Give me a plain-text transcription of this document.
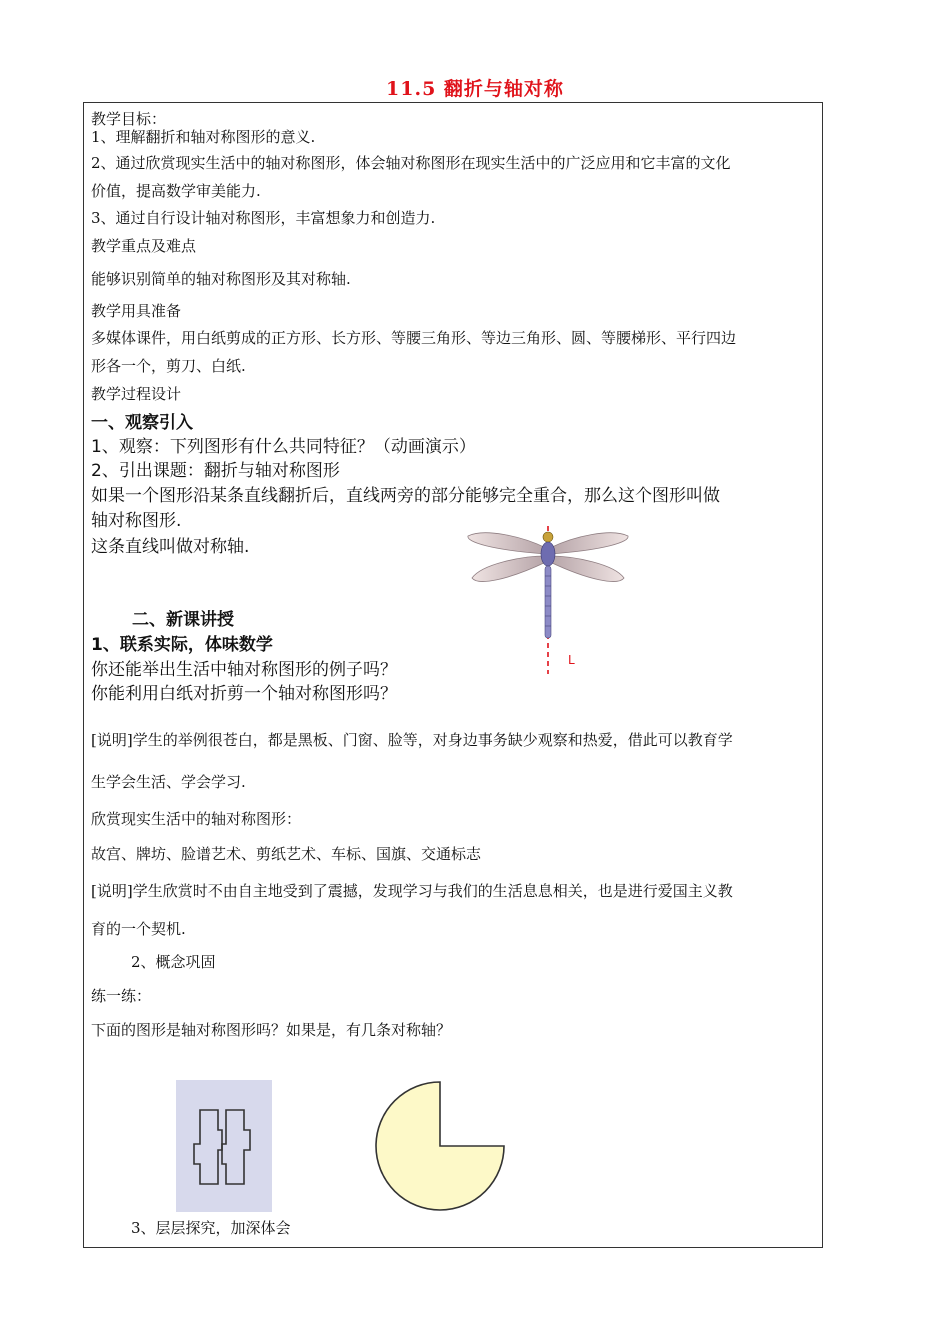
11.5 翻折与轴对称
教学目标：
1、理解翻折和轴对称图形的意义.
2、通过欣赏现实生活中的轴对称图形，体会轴对称图形在现实生活中的广泛应用和它丰富的文化
价值，提高数学审美能力.
3、通过自行设计轴对称图形，丰富想象力和创造力.
教学重点及难点
能够识别简单的轴对称图形及其对称轴.
教学用具准备
多媒体课件，用白纸剪成的正方形、长方形、等腰三角形、等边三角形、圆、等腰梯形、平行四边
形各一个，剪刀、白纸.
教学过程设计
一、观察引入
1、观察：下列图形有什么共同特征？（动画演示）
2、引出课题：翻折与轴对称图形
如果一个图形沿某条直线翻折后，直线两旁的部分能够完全重合，那么这个图形叫做
轴对称图形.
这条直线叫做对称轴.
二、新课讲授
1、联系实际，体味数学
你还能举出生活中轴对称图形的例子吗？
你能利用白纸对折剪一个轴对称图形吗？
[说明]学生的举例很苍白，都是黑板、门窗、脸等，对身边事务缺少观察和热爱，借此可以教育学
生学会生活、学会学习.
欣赏现实生活中的轴对称图形：
故宫、牌坊、脸谱艺术、剪纸艺术、车标、国旗、交通标志
[说明]学生欣赏时不由自主地受到了震撼，发现学习与我们的生活息息相关，也是进行爱国主义教
育的一个契机.
2、概念巩固
练一练：
下面的图形是轴对称图形吗？如果是，有几条对称轴？
3、层层探究，加深体会
L
